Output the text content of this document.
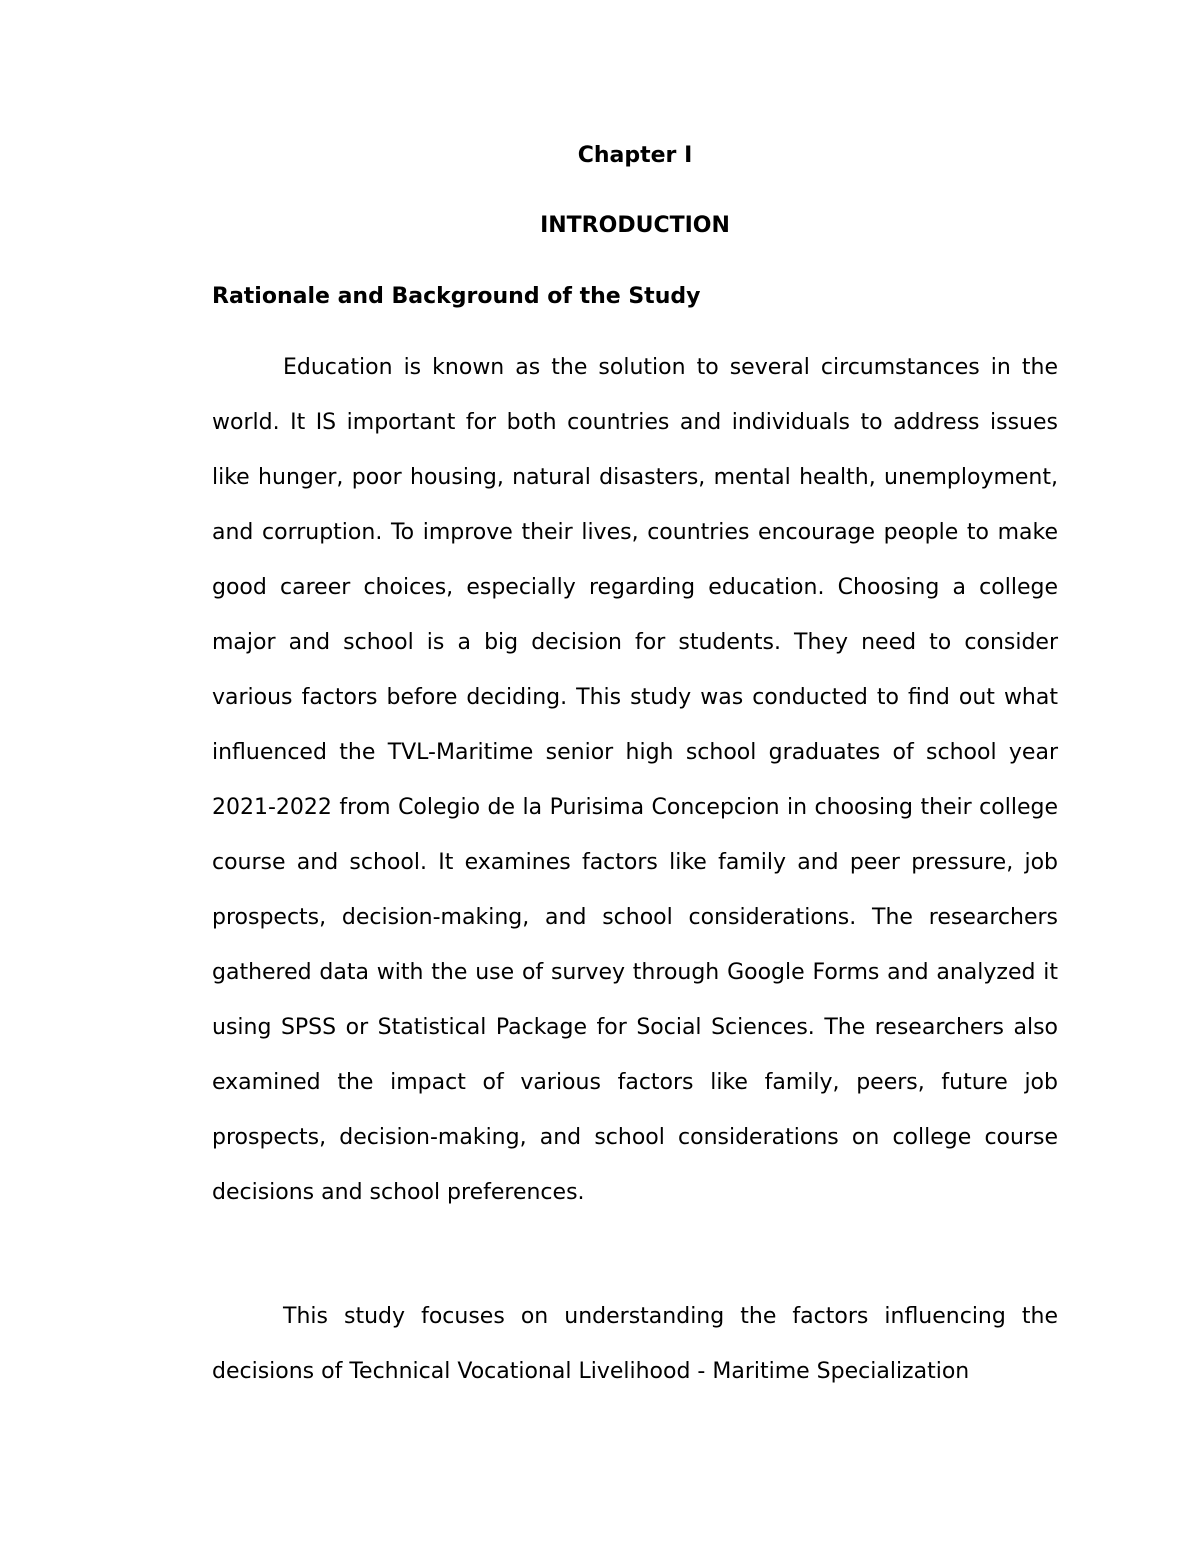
Chapter I
INTRODUCTION
Rationale and Background of the Study

Education is known as the solution to several circumstances in the world. It IS important for both countries and individuals to address issues like hunger, poor housing, natural disasters, mental health, unemployment, and corruption. To improve their lives, countries encourage people to make good career choices, especially regarding education. Choosing a college major and school is a big decision for students. They need to consider various factors before deciding. This study was conducted to find out what influenced the TVL-Maritime senior high school graduates of school year 2021-2022 from Colegio de la Purisima Concepcion in choosing their college course and school. It examines factors like family and peer pressure, job prospects, decision-making, and school considerations. The researchers gathered data with the use of survey through Google Forms and analyzed it using SPSS or Statistical Package for Social Sciences. The researchers also examined the impact of various factors like family, peers, future job prospects, decision-making, and school considerations on college course decisions and school preferences.

This study focuses on understanding the factors influencing the decisions of Technical Vocational Livelihood - Maritime Specialization
